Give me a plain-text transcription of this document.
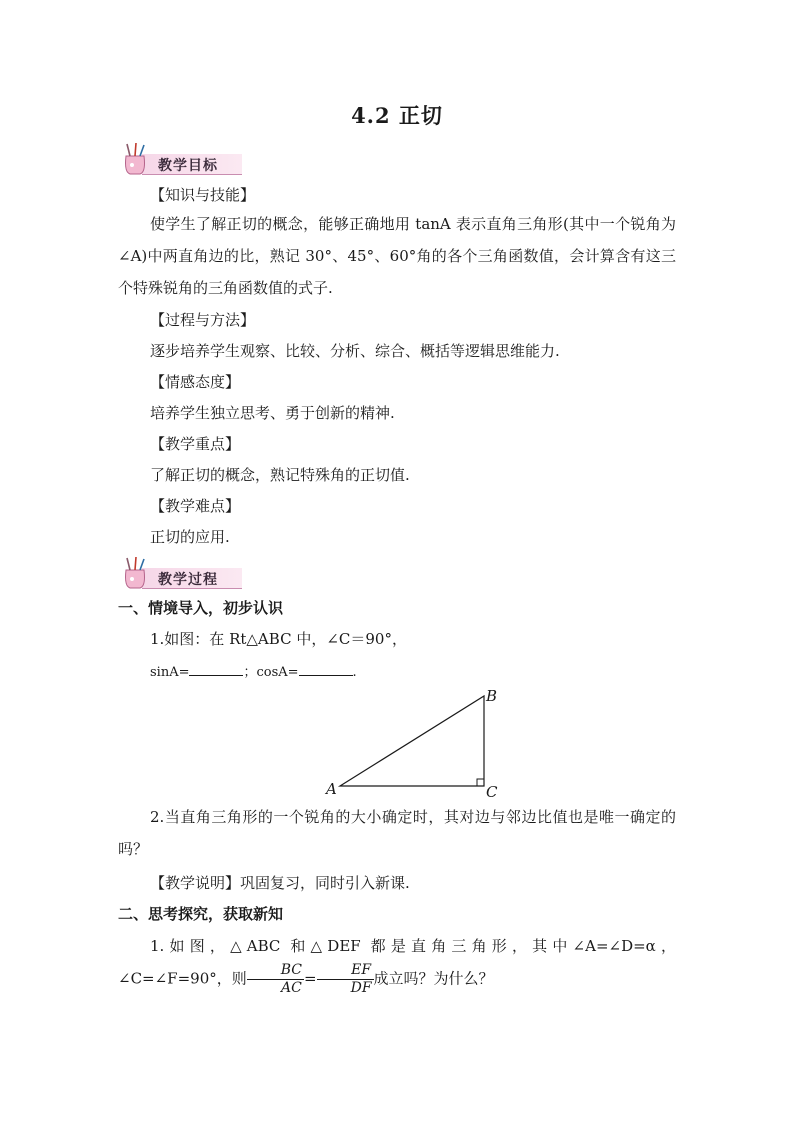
4.2 正切
教学目标
【知识与技能】
使学生了解正切的概念，能够正确地用 tanA 表示直角三角形(其中一个锐角为∠A)中两直角边的比，熟记 30°、45°、60°角的各个三角函数值，会计算含有这三个特殊锐角的三角函数值的式子.
【过程与方法】
逐步培养学生观察、比较、分析、综合、概括等逻辑思维能力.
【情感态度】
培养学生独立思考、勇于创新的精神.
【教学重点】
了解正切的概念，熟记特殊角的正切值.
【教学难点】
正切的应用.
教学过程
一、情境导入，初步认识
1.如图：在 Rt△ABC 中，∠C＝90°，
sinA=	；cosA=	.
A
B
C
2.当直角三角形的一个锐角的大小确定时，其对边与邻边比值也是唯一确定的吗？
【教学说明】巩固复习，同时引入新课.
二、思考探究，获取新知
1.如图，△ABC 和△DEF 都是直角三角形，其中∠A=∠D=α，∠C=∠F=90°，则 $\frac{BC}{AC} = \frac{EF}{DF}$ 成立吗？为什么？
